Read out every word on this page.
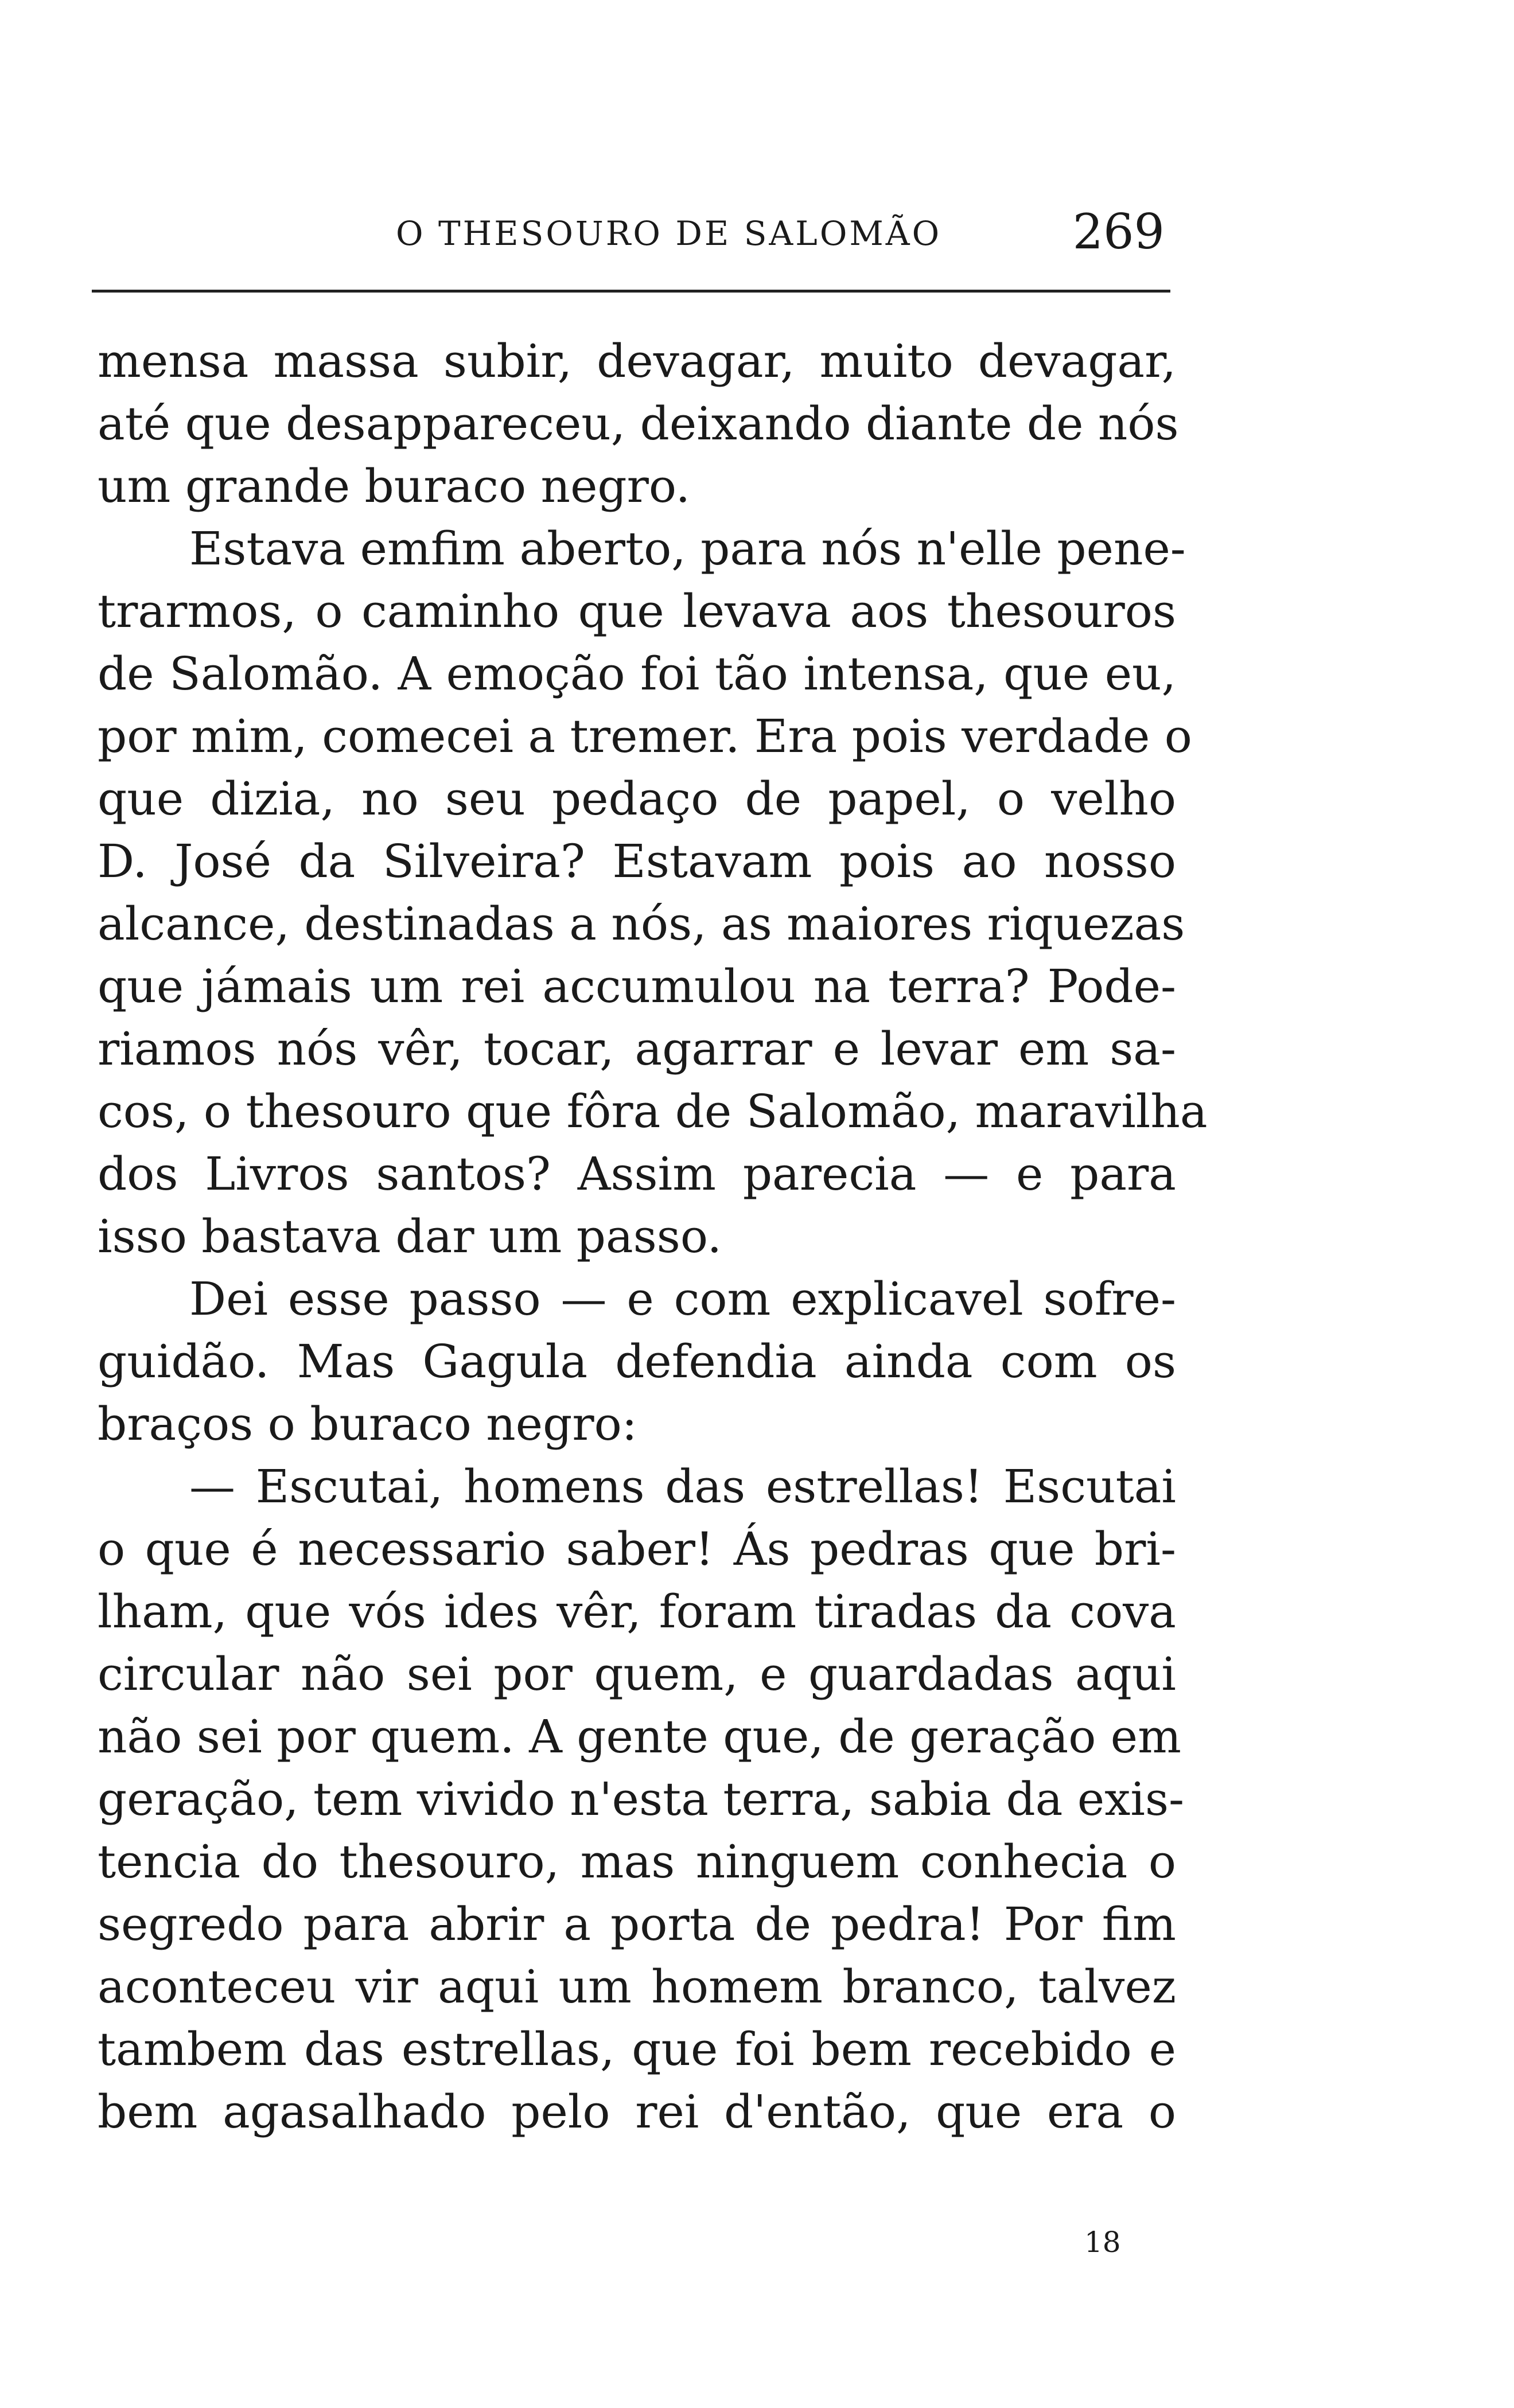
O THESOURO DE SALOMÃO	269
mensa massa subir, devagar, muito devagar,
até que desappareceu, deixando diante de nós
um grande buraco negro.
Estava emfim aberto, para nós n'elle pene-
trarmos, o caminho que levava aos thesouros
de Salomão. A emoção foi tão intensa, que eu,
por mim, comecei a tremer. Era pois verdade o
que dizia, no seu pedaço de papel, o velho
D. José da Silveira? Estavam pois ao nosso
alcance, destinadas a nós, as maiores riquezas
que jámais um rei accumulou na terra? Pode-
riamos nós vêr, tocar, agarrar e levar em sa-
cos, o thesouro que fôra de Salomão, maravilha
dos Livros santos? Assim parecia — e para
isso bastava dar um passo.
Dei esse passo — e com explicavel sofre-
guidão. Mas Gagula defendia ainda com os
braços o buraco negro:
— Escutai, homens das estrellas! Escutai
o que é necessario saber! Ás pedras que bri-
lham, que vós ides vêr, foram tiradas da cova
circular não sei por quem, e guardadas aqui
não sei por quem. A gente que, de geração em
geração, tem vivido n'esta terra, sabia da exis-
tencia do thesouro, mas ninguem conhecia o
segredo para abrir a porta de pedra! Por fim
aconteceu vir aqui um homem branco, talvez
tambem das estrellas, que foi bem recebido e
bem agasalhado pelo rei d'então, que era o
18
